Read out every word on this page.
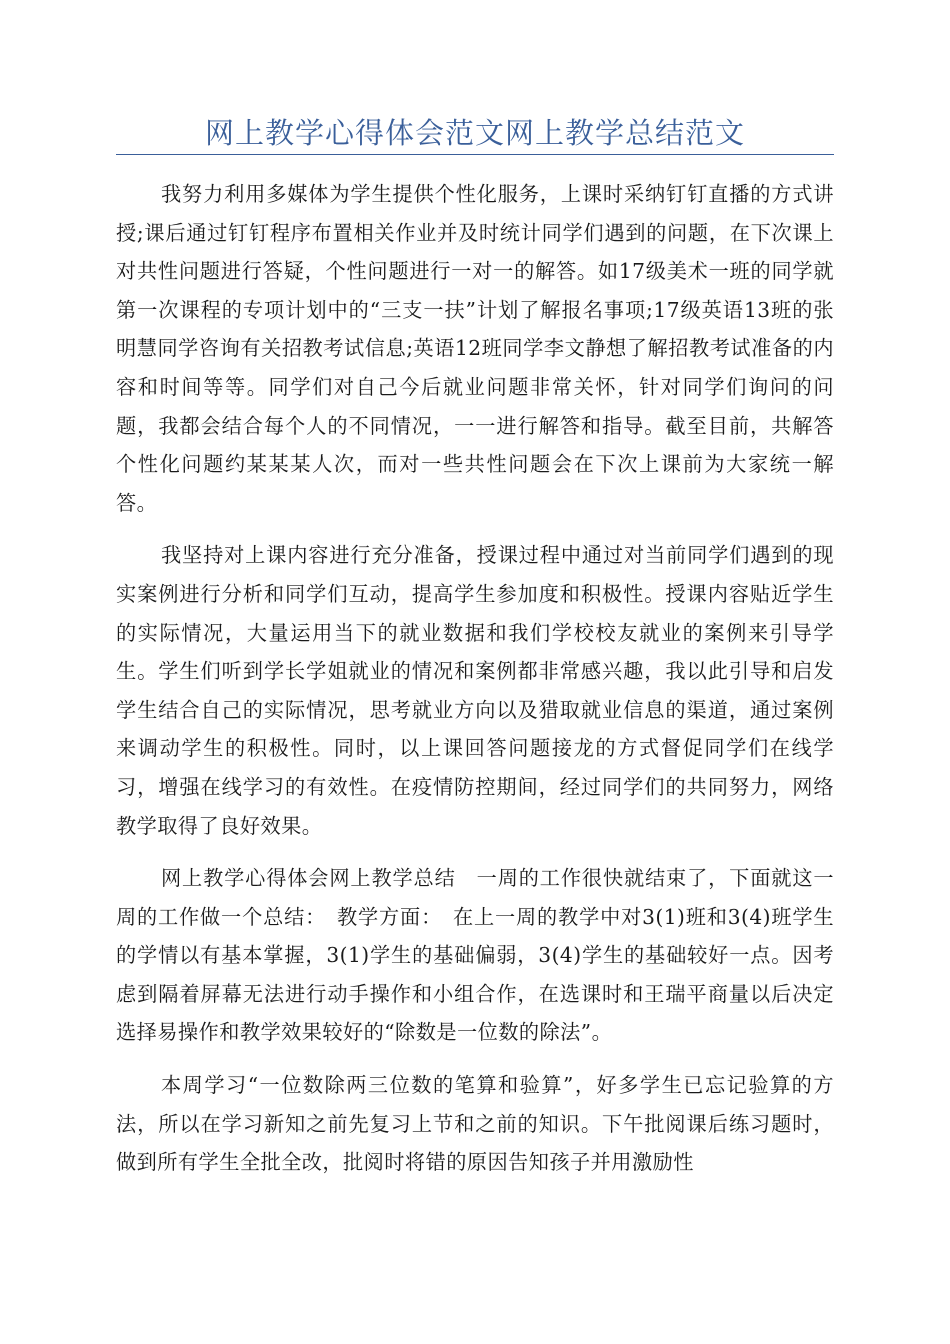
网上教学心得体会范文网上教学总结范文

我努力利用多媒体为学生提供个性化服务，上课时采纳钉钉直播的方式讲授;课后通过钉钉程序布置相关作业并及时统计同学们遇到的问题，在下次课上对共性问题进行答疑，个性问题进行一对一的解答。如17级美术一班的同学就第一次课程的专项计划中的“三支一扶”计划了解报名事项;17级英语13班的张明慧同学咨询有关招教考试信息;英语12班同学李文静想了解招教考试准备的内容和时间等等。同学们对自己今后就业问题非常关怀，针对同学们询问的问题，我都会结合每个人的不同情况，一一进行解答和指导。截至目前，共解答个性化问题约某某某人次，而对一些共性问题会在下次上课前为大家统一解答。

我坚持对上课内容进行充分准备，授课过程中通过对当前同学们遇到的现实案例进行分析和同学们互动，提高学生参加度和积极性。授课内容贴近学生的实际情况，大量运用当下的就业数据和我们学校校友就业的案例来引导学生。学生们听到学长学姐就业的情况和案例都非常感兴趣，我以此引导和启发学生结合自己的实际情况，思考就业方向以及猎取就业信息的渠道，通过案例来调动学生的积极性。同时，以上课回答问题接龙的方式督促同学们在线学习，增强在线学习的有效性。在疫情防控期间，经过同学们的共同努力，网络教学取得了良好效果。

网上教学心得体会网上教学总结　一周的工作很快就结束了，下面就这一周的工作做一个总结：　教学方面：　在上一周的教学中对3(1)班和3(4)班学生的学情以有基本掌握，3(1)学生的基础偏弱，3(4)学生的基础较好一点。因考虑到隔着屏幕无法进行动手操作和小组合作，在选课时和王瑞平商量以后决定选择易操作和教学效果较好的“除数是一位数的除法”。

本周学习“一位数除两三位数的笔算和验算”，好多学生已忘记验算的方法，所以在学习新知之前先复习上节和之前的知识。下午批阅课后练习题时，做到所有学生全批全改，批阅时将错的原因告知孩子并用激励性
